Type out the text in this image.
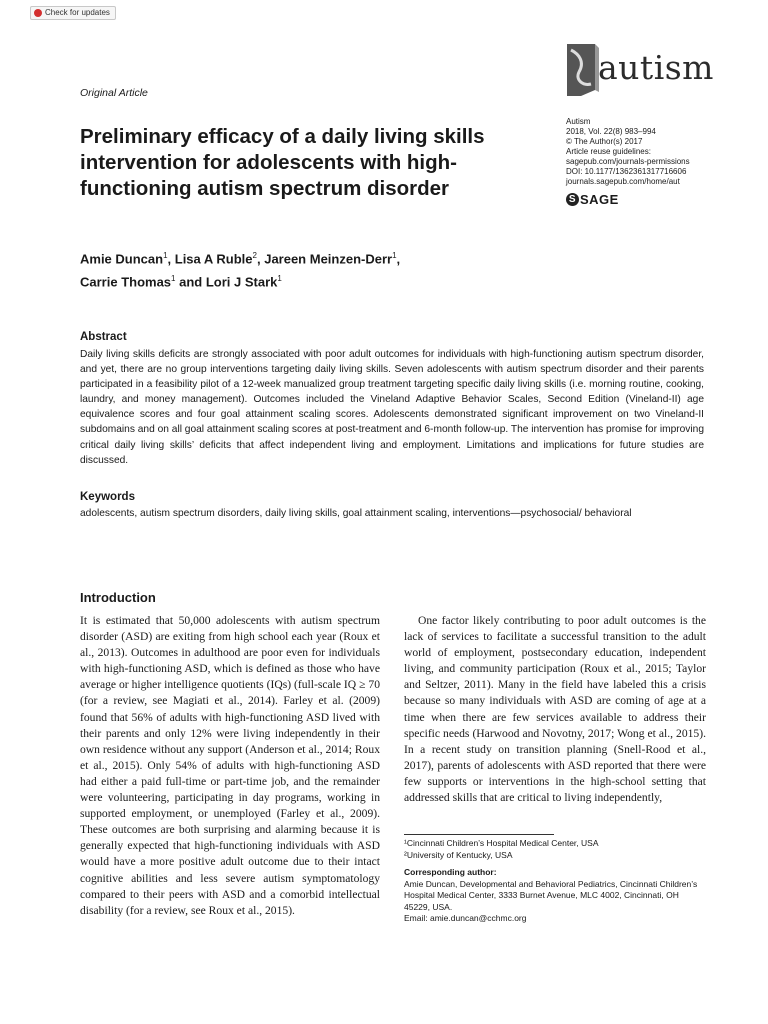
Check for updates
Original Article
autism
Autism
2018, Vol. 22(8) 983–994
© The Author(s) 2017
Article reuse guidelines:
sagepub.com/journals-permissions
DOI: 10.1177/1362361317716606
journals.sagepub.com/home/aut
S SAGE
Preliminary efficacy of a daily living skills intervention for adolescents with high-functioning autism spectrum disorder
Amie Duncan$^1$, Lisa A Ruble$^2$, Jareen Meinzen-Derr$^1$,
Carrie Thomas$^1$ and Lori J Stark$^1$
Abstract
Daily living skills deficits are strongly associated with poor adult outcomes for individuals with high-functioning autism spectrum disorder, and yet, there are no group interventions targeting daily living skills. Seven adolescents with autism spectrum disorder and their parents participated in a feasibility pilot of a 12-week manualized group treatment targeting specific daily living skills (i.e. morning routine, cooking, laundry, and money management). Outcomes included the Vineland Adaptive Behavior Scales, Second Edition (Vineland-II) age equivalence scores and four goal attainment scaling scores. Adolescents demonstrated significant improvement on two Vineland-II subdomains and on all goal attainment scaling scores at post-treatment and 6-month follow-up. The intervention has promise for improving critical daily living skills’ deficits that affect independent living and employment. Limitations and implications for future studies are discussed.
Keywords
adolescents, autism spectrum disorders, daily living skills, goal attainment scaling, interventions—psychosocial/ behavioral
Introduction

It is estimated that 50,000 adolescents with autism spectrum disorder (ASD) are exiting from high school each year (Roux et al., 2013). Outcomes in adulthood are poor even for individuals with high-functioning ASD, which is defined as those who have average or higher intelligence quotients (IQs) (full-scale IQ ≥ 70 (for a review, see Magiati et al., 2014). Farley et al. (2009) found that 56% of adults with high-functioning ASD lived with their parents and only 12% were living independently in their own residence without any support (Anderson et al., 2014; Roux et al., 2015). Only 54% of adults with high-functioning ASD had either a paid full-time or part-time job, and the remainder were volunteering, participating in day programs, working in supported employment, or unemployed (Farley et al., 2009). These outcomes are both surprising and alarming because it is generally expected that high-functioning individuals with ASD would have a more positive adult outcome due to their intact cognitive abilities and less severe autism symptomatology compared to their peers with ASD and a comorbid intellectual disability (for a review, see Roux et al., 2015).

One factor likely contributing to poor adult outcomes is the lack of services to facilitate a successful transition to the adult world of employment, postsecondary education, independent living, and community participation (Roux et al., 2015; Taylor and Seltzer, 2011). Many in the field have labeled this a crisis because so many individuals with ASD are coming of age at a time when there are few services available to address their specific needs (Harwood and Novotny, 2017; Wong et al., 2015). In a recent study on transition planning (Snell-Rood et al., 2017), parents of adolescents with ASD reported that there were few supports or interventions in the high-school setting that addressed skills that are critical to living independently,

¹Cincinnati Children’s Hospital Medical Center, USA
²University of Kentucky, USA
Corresponding author:
Amie Duncan, Developmental and Behavioral Pediatrics, Cincinnati Children’s Hospital Medical Center, 3333 Burnet Avenue, MLC 4002, Cincinnati, OH 45229, USA.
Email: amie.duncan@cchmc.org
